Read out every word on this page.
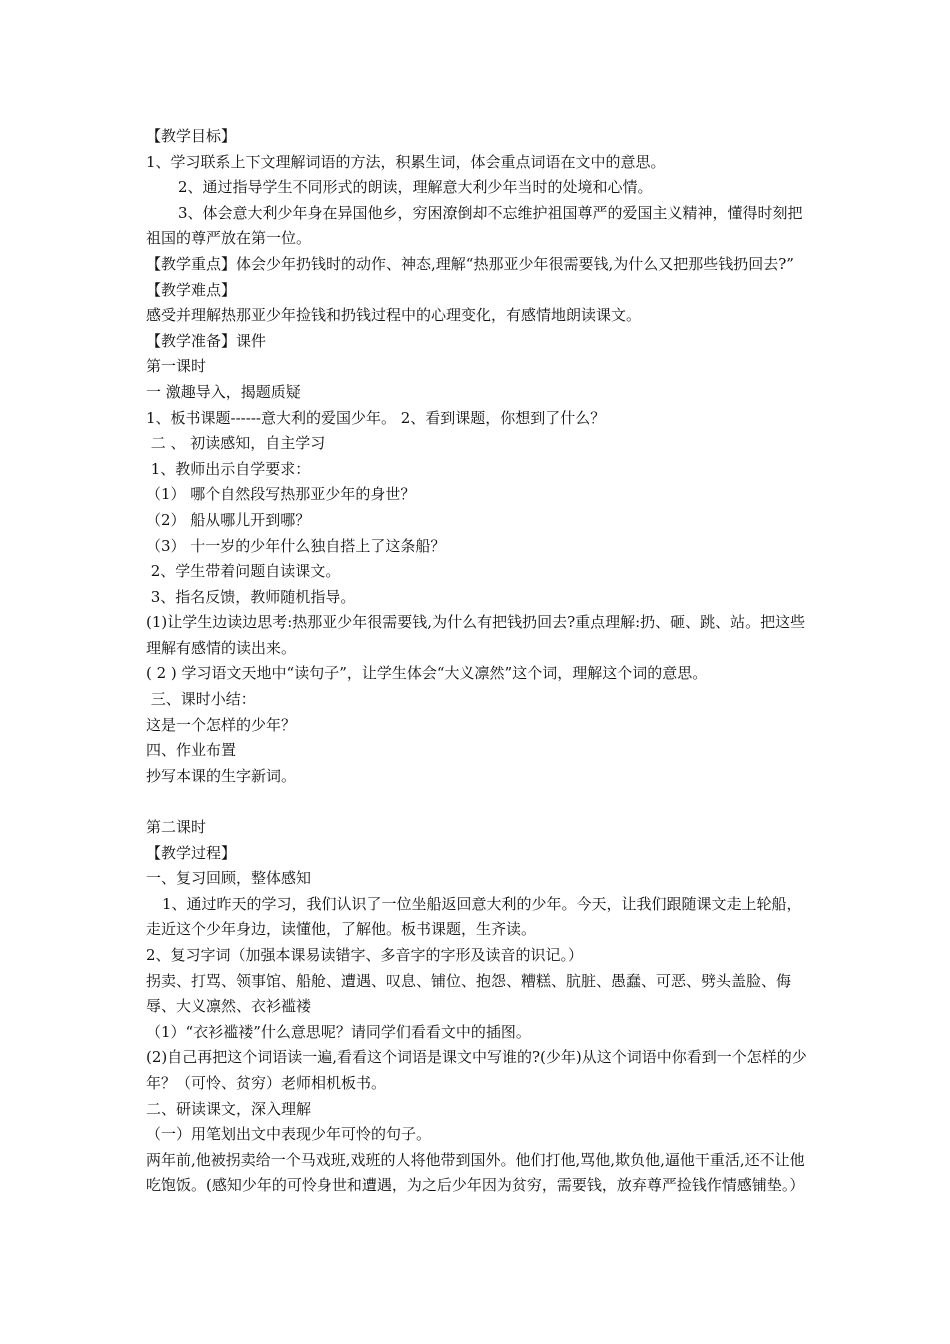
【教学目标】

1、学习联系上下文理解词语的方法，积累生词，体会重点词语在文中的意思。

2、通过指导学生不同形式的朗读，理解意大利少年当时的处境和心情。

3、体会意大利少年身在异国他乡，穷困潦倒却不忘维护祖国尊严的爱国主义精神，懂得时刻把祖国的尊严放在第一位。

【教学重点】体会少年扔钱时的动作、神态,理解“热那亚少年很需要钱,为什么又把那些钱扔回去?”

【教学难点】

感受并理解热那亚少年捡钱和扔钱过程中的心理变化，有感情地朗读课文。

【教学准备】课件

第一课时

一 激趣导入，揭题质疑

1、板书课题------意大利的爱国少年。 2、看到课题，你想到了什么？

二 、 初读感知，自主学习

1、教师出示自学要求：

（1） 哪个自然段写热那亚少年的身世？

（2） 船从哪儿开到哪？

（3） 十一岁的少年什么独自搭上了这条船？

2、学生带着问题自读课文。

3、指名反馈，教师随机指导。

(1)让学生边读边思考:热那亚少年很需要钱,为什么有把钱扔回去?重点理解:扔、砸、跳、站。把这些理解有感情的读出来。

( 2 ) 学习语文天地中“读句子”，让学生体会“大义凛然”这个词，理解这个词的意思。

三、课时小结：

这是一个怎样的少年？

四、作业布置

抄写本课的生字新词。

第二课时

【教学过程】

一、复习回顾，整体感知

1、通过昨天的学习，我们认识了一位坐船返回意大利的少年。今天，让我们跟随课文走上轮船，走近这个少年身边，读懂他，了解他。板书课题，生齐读。

2、复习字词（加强本课易读错字、多音字的字形及读音的识记。）

拐卖、打骂、领事馆、船舱、遭遇、叹息、铺位、抱怨、糟糕、肮脏、愚蠢、可恶、劈头盖脸、侮辱、大义凛然、衣衫褴褛

（1）“衣衫褴褛”什么意思呢？请同学们看看文中的插图。

(2)自己再把这个词语读一遍,看看这个词语是课文中写谁的?(少年)从这个词语中你看到一个怎样的少年？（可怜、贫穷）老师相机板书。

二、研读课文，深入理解

（一）用笔划出文中表现少年可怜的句子。

两年前,他被拐卖给一个马戏班,戏班的人将他带到国外。他们打他,骂他,欺负他,逼他干重活,还不让他吃饱饭。(感知少年的可怜身世和遭遇，为之后少年因为贫穷，需要钱，放弃尊严捡钱作情感铺垫。）
